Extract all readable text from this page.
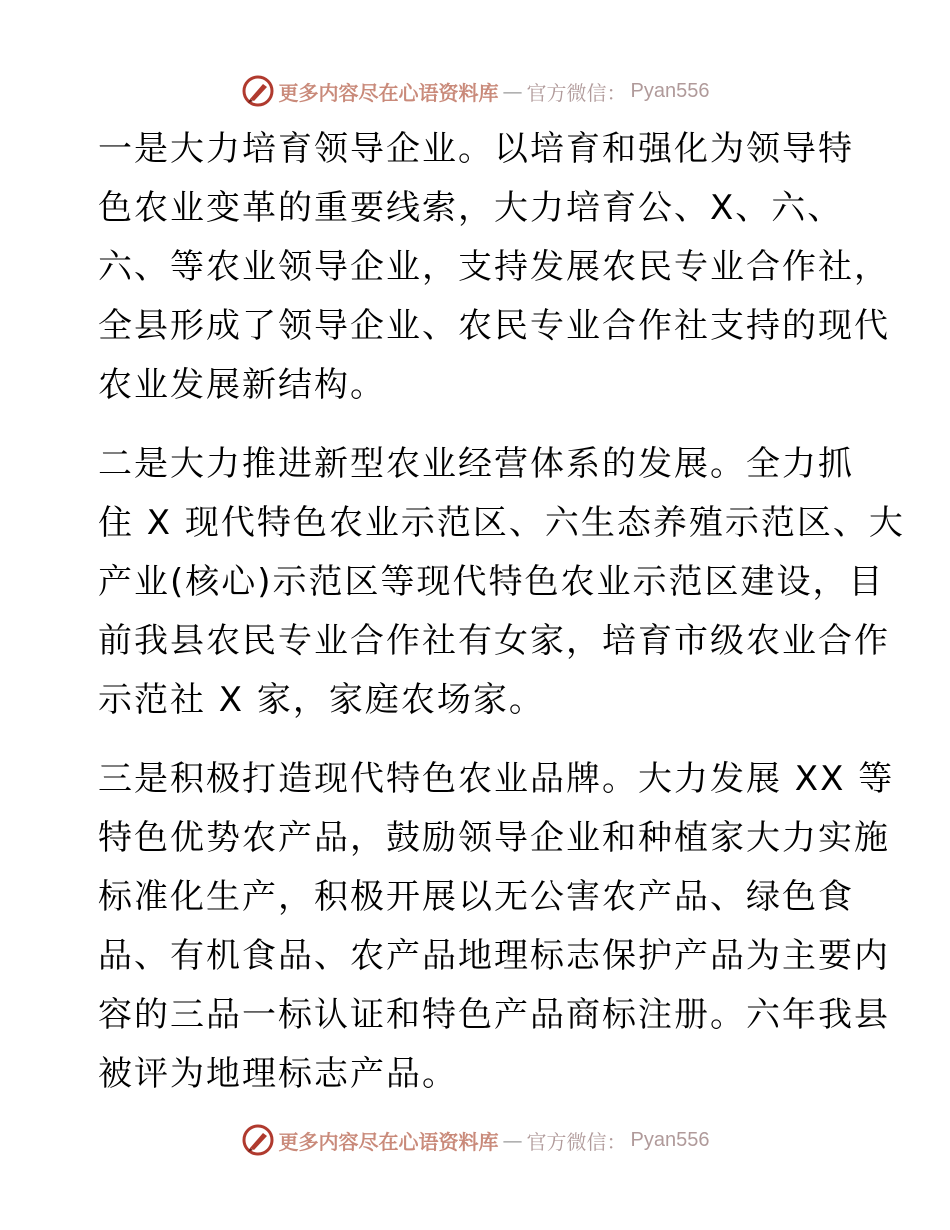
更多内容尽在心语资料库 — 官方微信： Pyan556

一是大力培育领导企业。以培育和强化为领导特
色农业变革的重要线索，大力培育公、X、六、
六、等农业领导企业，支持发展农民专业合作社，
全县形成了领导企业、农民专业合作社支持的现代
农业发展新结构。

二是大力推进新型农业经营体系的发展。全力抓
住 X 现代特色农业示范区、六生态养殖示范区、大
产业(核心)示范区等现代特色农业示范区建设，目
前我县农民专业合作社有女家，培育市级农业合作
示范社 X 家，家庭农场家。

三是积极打造现代特色农业品牌。大力发展 XX 等
特色优势农产品，鼓励领导企业和种植家大力实施
标准化生产，积极开展以无公害农产品、绿色食
品、有机食品、农产品地理标志保护产品为主要内
容的三品一标认证和特色产品商标注册。六年我县
被评为地理标志产品。

更多内容尽在心语资料库 — 官方微信： Pyan556
